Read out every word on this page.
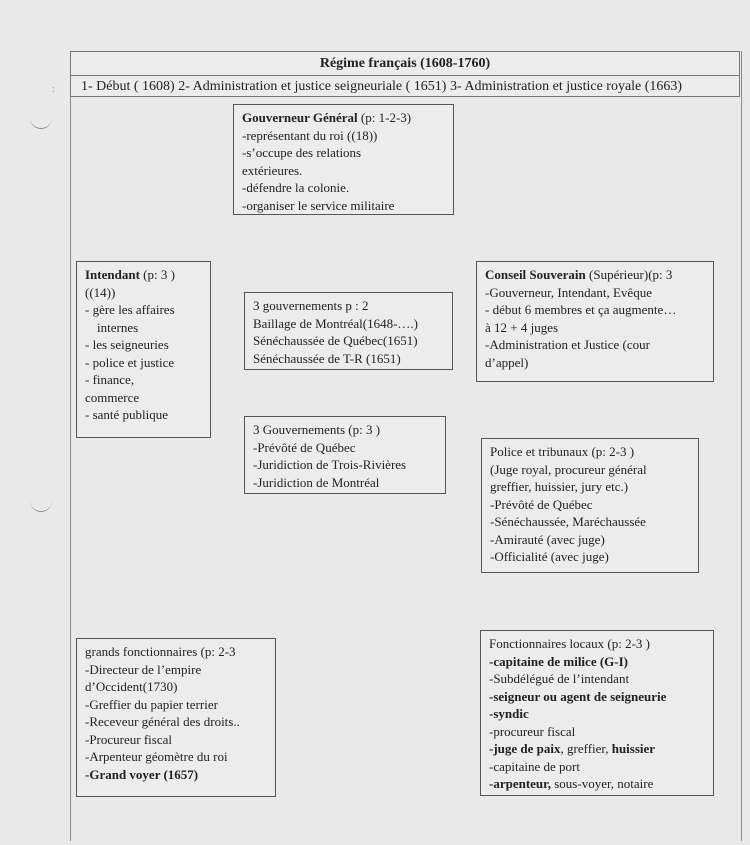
:
Régime français (1608-1760)
1- Début ( 1608) 2- Administration et justice seigneuriale ( 1651) 3- Administration et justice royale (1663)
Gouverneur Général (p: 1-2-3)
-représentant du roi ((18))
-s’occupe des relations
extérieures.
-défendre la colonie.
-organiser le service militaire
Intendant (p: 3 )
((14))
- gère les affaires
internes
- les seigneuries
- police et justice
- finance,
commerce
- santé publique
3 gouvernements p : 2
Baillage de Montréal(1648-….)
Sénéchaussée de Québec(1651)
Sénéchaussée de T-R (1651)
Conseil Souverain (Supérieur)(p: 3
-Gouverneur, Intendant, Evêque
- début 6 membres et ça augmente…
à 12 + 4 juges
-Administration et Justice (cour
d’appel)
3 Gouvernements (p: 3 )
-Prévôté de Québec
-Juridiction de Trois-Rivières
-Juridiction de Montréal
Police et tribunaux (p: 2-3 )
(Juge royal, procureur général
greffier, huissier, jury etc.)
-Prévôté de Québec
-Sénéchaussée, Maréchaussée
-Amirauté (avec juge)
-Officialité (avec juge)
grands fonctionnaires (p: 2-3
-Directeur de l’empire
d’Occident(1730)
-Greffier du papier terrier
-Receveur général des droits..
-Procureur fiscal
-Arpenteur géomètre du roi
-Grand voyer (1657)
Fonctionnaires locaux (p: 2-3 )
-capitaine de milice (G-I)
-Subdélégué de l’intendant
-seigneur ou agent de seigneurie
-syndic
-procureur fiscal
-juge de paix, greffier, huissier
-capitaine de port
-arpenteur, sous-voyer, notaire
